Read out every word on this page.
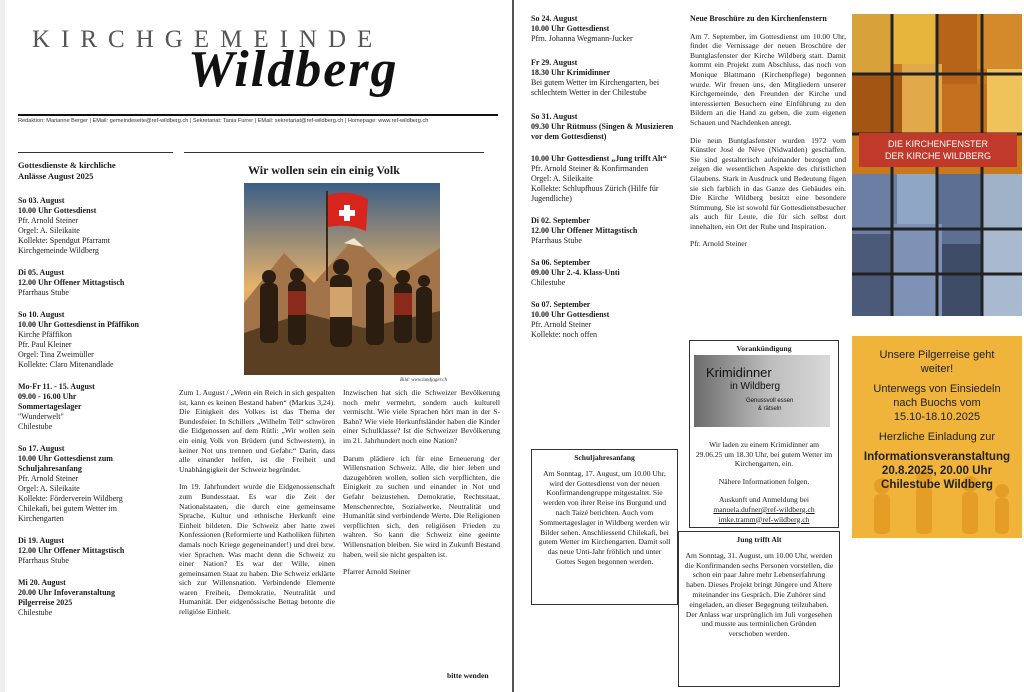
KIRCHGEMEINDE
Wildberg
Redaktion: Marianne Berger | EMail: gemeindeseite@ref-wildberg.ch | Sekretariat: Tania Furrer | EMail: sekretariat@ref-wildberg.ch | Homepage: www.ref-wildberg.ch
Gottesdienste & kirchliche
Anlässe August 2025
So 03. August
10.00 Uhr Gottesdienst
Pfr. Arnold Steiner
Orgel: A. Sileikaite
Kollekte: Spendgut Pfarramt
Kirchgemeinde Wildberg
Di 05. August
12.00 Uhr Offener Mittagstisch
Pfarrhaus Stube
So 10. August
10.00 Uhr Gottesdienst in Pfäffikon
Kirche Pfäffikon
Pfr. Paul Kleiner
Orgel: Tina Zweimüller
Kollekte: Claro Mitenandlade
Mo-Fr 11. - 15. August
09.00 - 16.00 Uhr
Sommertageslager
"Wunderwelt"
Chilestube
So 17. August
10.00 Uhr Gottesdienst zum
Schuljahresanfang
Pfr. Arnold Steiner
Orgel: A. Sileikaite
Kollekte: Förderverein Wildberg
Chilekafi, bei gutem Wetter im
Kirchengarten
Di 19. August
12.00 Uhr Offener Mittagstisch
Pfarrhaus Stube
Mi 20. August
20.00 Uhr Infoveranstaltung
Pilgerreise 2025
Chilestube
Wir wollen sein ein einig Volk
Bild: www.landjager.ch

Zum 1. August / „Wenn ein Reich in sich gespalten ist, kann es keinen Bestand haben“ (Markus 3,24). Die Einigkeit des Volkes ist das Thema der Bundesfeier. In Schillers „Wilhelm Tell“ schwören die Eidgenossen auf dem Rütli: „Wir wollen sein ein einig Volk von Brüdern (und Schwestern), in keiner Not uns trennen und Gefahr.“ Darin, dass alle einander helfen, ist die Freiheit und Unabhängigkeit der Schweiz begründet.

Im 19. Jahrhundert wurde die Eidgenossenschaft zum Bundesstaat. Es war die Zeit der Nationalstaaten, die durch eine gemeinsame Sprache, Kultur und ethnische Herkunft eine Einheit bildeten. Die Schweiz aber hatte zwei Konfessionen (Reformierte und Katholiken führten damals noch Kriege gegeneinander!) und drei bzw. vier Sprachen. Was macht denn die Schweiz zu einer Nation? Es war der Wille, einen gemeinsamen Staat zu haben. Die Schweiz erklärte sich zur Willensnation. Verbindende Elemente waren Freiheit, Demokratie, Neutralität und Humanität. Der eidgenössische Bettag betonte die religiöse Einheit.

Inzwischen hat sich die Schweizer Bevölkerung noch mehr vermehrt, sondern auch kulturell vermischt. Wie viele Sprachen hört man in der S-Bahn? Wie viele Herkunftsländer haben die Kinder einer Schulklasse? Ist die Schweizer Bevölkerung im 21. Jahrhundert noch eine Nation?

Darum plädiere ich für eine Erneuerung der Willensnation Schweiz. Alle, die hier leben und dazugehören wollen, sollen sich verpflichten, die Einigkeit zu suchen und einander in Not und Gefahr beizustehen. Demokratie, Rechtsstaat, Menschenrechte, Sozialwerke, Neutralität und Humanität sind verbindende Werte. Die Religionen verpflichten sich, den religiösen Frieden zu wahren. So kann die Schweiz eine geeinte Willensnation bleiben. Sie wird in Zukunft Bestand haben, weil sie nicht gespalten ist.

Pfarrer Arnold Steiner

bitte wenden
So 24. August
10.00 Uhr Gottesdienst
Pfrn. Johanna Wegmann-Jucker
Fr 29. August
18.30 Uhr Krimidinner
Bei gutem Wetter im Kirchengarten, bei schlechtem Wetter in der Chilestube
So 31. August
09.30 Uhr Rütmuss (Singen & Musizieren vor dem Gottesdienst)
10.00 Uhr Gottesdienst „Jung trifft Alt“
Pfr. Arnold Steiner & Konfirmanden
Orgel: A. Sileikaite
Kollekte: Schlupfhuus Zürich (Hilfe für Jugendliche)
Di 02. September
12.00 Uhr Offener Mittagstisch
Pfarrhaus Stube
Sa 06. September
09.00 Uhr 2.-4. Klass-Unti
Chilestube
So 07. September
10.00 Uhr Gottesdienst
Pfr. Arnold Steiner
Kollekte: noch offen
Schuljahresanfang

Am Sonntag, 17. August, um 10.00 Uhr, wird der Gottesdienst von der neuen Konfirmandengruppe mitgestaltet. Sie werden von ihrer Reise ins Burgund und nach Taizé berichten. Auch vom Sommertageslager in Wildberg werden wir Bilder sehen. Anschliessend Chilekafi, bei gutem Wetter im Kirchengarten. Damit soll das neue Unti-Jahr fröhlich und unter Gottes Segen begonnen werden.

Neue Broschüre zu den Kirchenfenstern

Am 7. September, im Gottesdienst um 10.00 Uhr, findet die Vernissage der neuen Broschüre der Buntglasfenster der Kirche Wildberg statt. Damit kommt ein Projekt zum Abschluss, das noch von Monique Blattmann (Kirchenpflege) begonnen wurde. Wir freuen uns, den Mitgliedern unserer Kirchgemeinde, den Freunden der Kirche und interessierten Besuchern eine Einführung zu den Bildern an die Hand zu geben, die zum eigenen Schauen und Nachdenken anregt.

Die neun Buntglasfenster wurden 1972 vom Künstler José de Nève (Nidwalden) geschaffen. Sie sind gestalterisch aufeinander bezogen und zeigen die wesentlichen Aspekte des christlichen Glaubens. Stark in Ausdruck und Bedeutung fügen sie sich farblich in das Ganze des Gebäudes ein. Die Kirche Wildberg besitzt eine besondere Stimmung. Sie ist sowohl für Gottesdienstbesucher als auch für Leute, die für sich selbst dort innehalten, ein Ort der Ruhe und Inspiration.

Pfr. Arnold Steiner

DIE KIRCHENFENSTER
DER KIRCHE WILDBERG
Vorankündigung

Wir laden zu einem Krimidinner am 29.06.25 um 18.30 Uhr, bei gutem Wetter im Kirchengarten, ein.

Nähere Informationen folgen.

Auskunft und Anmeldung bei

manuela.dufner@ref-wildberg.ch

imke.tramm@ref-wildberg.ch

Krimidinner
in Wildberg
Genussvoll essen
& rätseln
Jung trifft Alt

Am Sonntag, 31. August, um 10.00 Uhr, werden die Konfirmanden sechs Personen vorstellen, die schon ein paar Jahre mehr Lebenserfahrung haben. Dieses Projekt bringt Jüngere und Ältere miteinander ins Gespräch. Die Zuhörer sind eingeladen, an dieser Begegnung teilzuhaben. Der Anlass war ursprünglich im Juli vorgesehen und musste aus terminlichen Gründen verschoben werden.

Unsere Pilgerreise geht
weiter!
Unterwegs von Einsiedeln
nach Buochs vom
15.10-18.10.2025
Herzliche Einladung zur
Informationsveranstaltung
20.8.2025, 20.00 Uhr
Chilestube Wildberg
